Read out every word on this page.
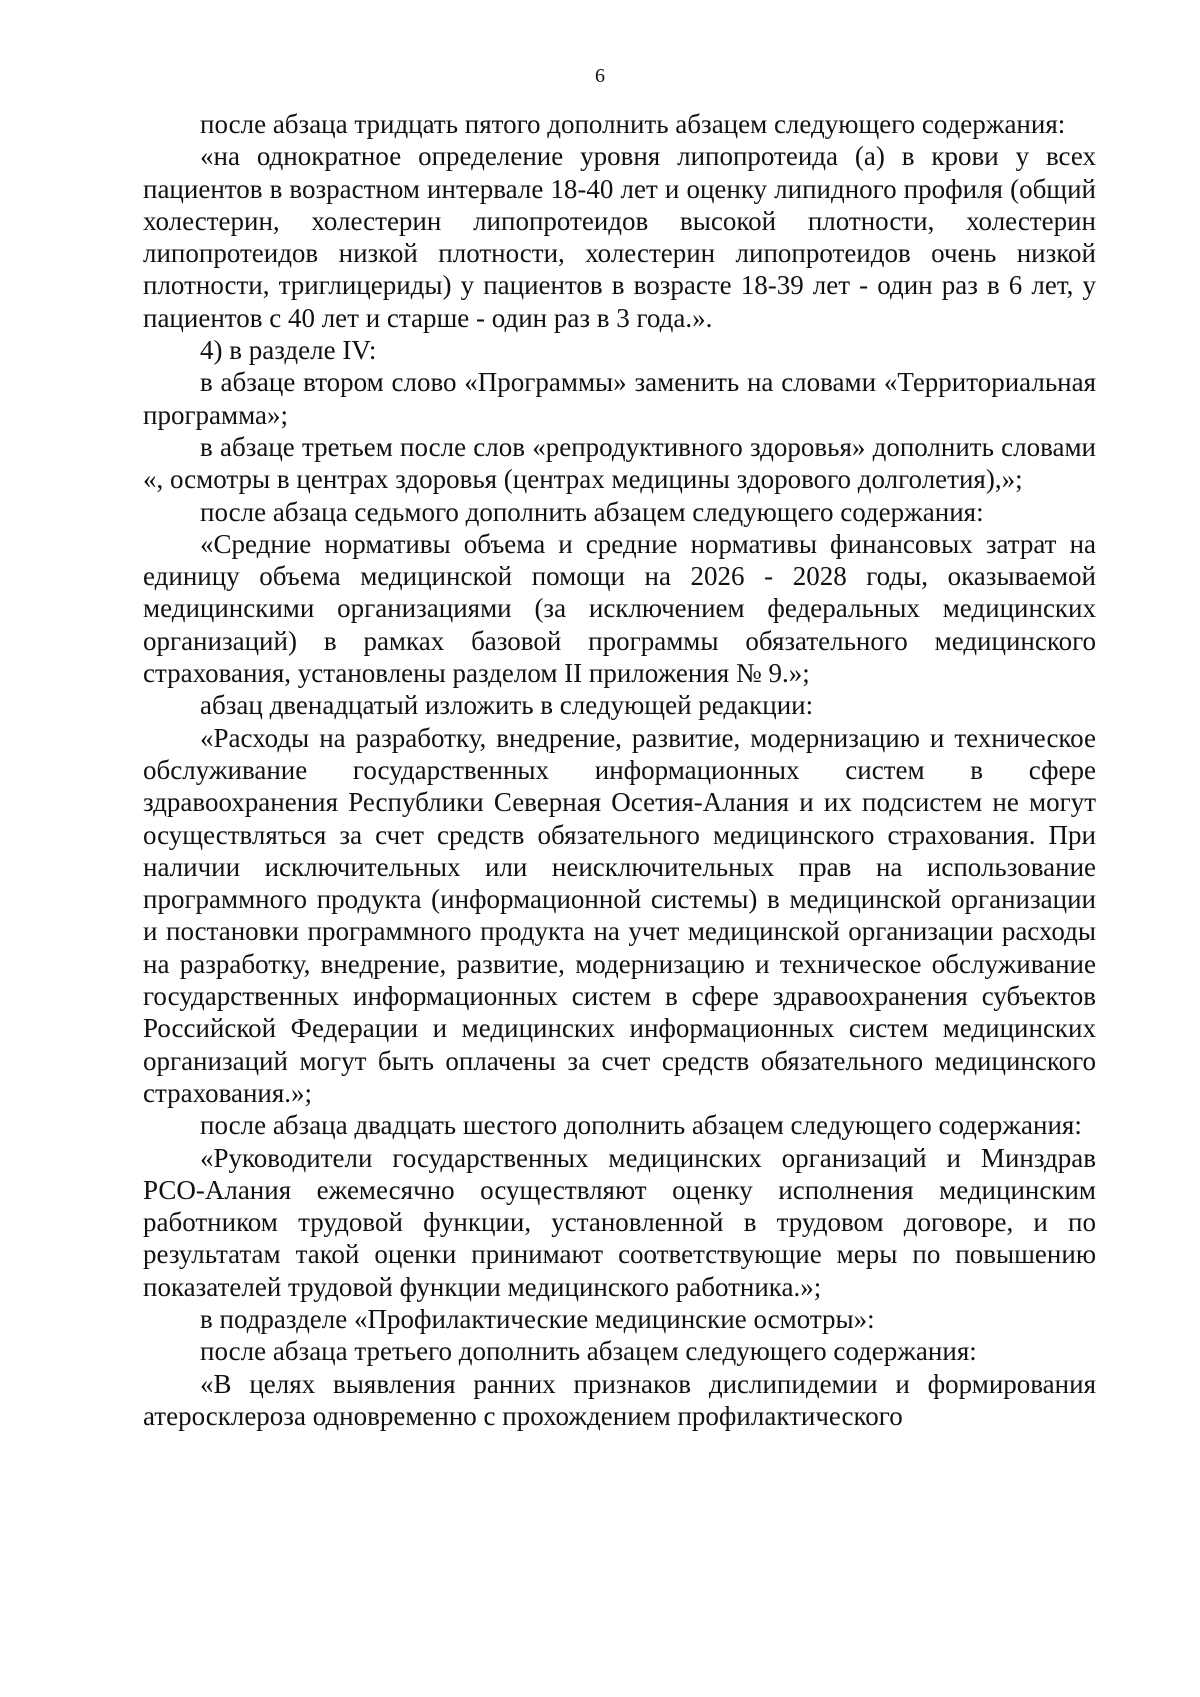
6

после абзаца тридцать пятого дополнить абзацем следующего содержания:

«на однократное определение уровня липопротеида (а) в крови у всех пациентов в возрастном интервале 18-40 лет и оценку липидного профиля (общий холестерин, холестерин липопротеидов высокой плотности, холестерин липопротеидов низкой плотности, холестерин липопротеидов очень низкой плотности, триглицериды) у пациентов в возрасте 18-39 лет - один раз в 6 лет, у пациентов с 40 лет и старше - один раз в 3 года.».

4) в разделе IV:

в абзаце втором слово «Программы» заменить на словами «Территориальная программа»;

в абзаце третьем после слов «репродуктивного здоровья» дополнить словами «, осмотры в центрах здоровья (центрах медицины здорового долголетия),»;

после абзаца седьмого дополнить абзацем следующего содержания:

«Средние нормативы объема и средние нормативы финансовых затрат на единицу объема медицинской помощи на 2026 - 2028 годы, оказываемой медицинскими организациями (за исключением федеральных медицинских организаций) в рамках базовой программы обязательного медицинского страхования, установлены разделом II приложения № 9.»;

абзац двенадцатый изложить в следующей редакции:

«Расходы на разработку, внедрение, развитие, модернизацию и техническое обслуживание государственных информационных систем в сфере здравоохранения Республики Северная Осетия-Алания и их подсистем не могут осуществляться за счет средств обязательного медицинского страхования. При наличии исключительных или неисключительных прав на использование программного продукта (информационной системы) в медицинской организации и постановки программного продукта на учет медицинской организации расходы на разработку, внедрение, развитие, модернизацию и техническое обслуживание государственных информационных систем в сфере здравоохранения субъектов Российской Федерации и медицинских информационных систем медицинских организаций могут быть оплачены за счет средств обязательного медицинского страхования.»;

после абзаца двадцать шестого дополнить абзацем следующего содержания:

«Руководители государственных медицинских организаций и Минздрав РСО-Алания ежемесячно осуществляют оценку исполнения медицинским работником трудовой функции, установленной в трудовом договоре, и по результатам такой оценки принимают соответствующие меры по повышению показателей трудовой функции медицинского работника.»;

в подразделе «Профилактические медицинские осмотры»:

после абзаца третьего дополнить абзацем следующего содержания:

«В целях выявления ранних признаков дислипидемии и формирования атеросклероза одновременно с прохождением профилактического
